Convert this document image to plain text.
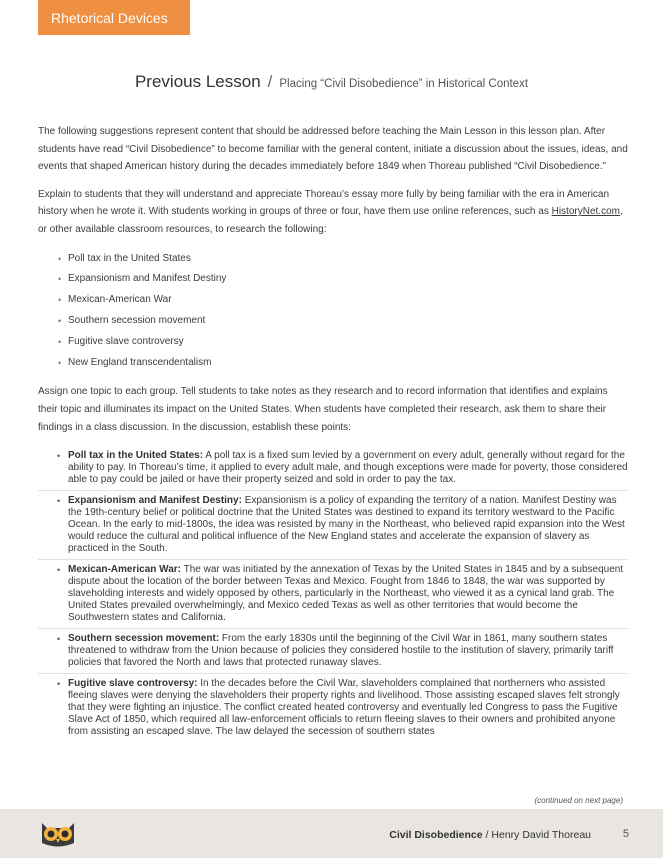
Rhetorical Devices
Previous Lesson / Placing “Civil Disobedience” in Historical Context

The following suggestions represent content that should be addressed before teaching the Main Lesson in this lesson plan. After students have read “Civil Disobedience” to become familiar with the general content, initiate a discussion about the issues, ideas, and events that shaped American history during the decades immediately before 1849 when Thoreau published “Civil Disobedience.”

Explain to students that they will understand and appreciate Thoreau’s essay more fully by being familiar with the era in American history when he wrote it. With students working in groups of three or four, have them use online references, such as HistoryNet.com, or other available classroom resources, to research the following:

• Poll tax in the United States
• Expansionism and Manifest Destiny
• Mexican-American War
• Southern secession movement
• Fugitive slave controversy
• New England transcendentalism

Assign one topic to each group. Tell students to take notes as they research and to record information that identifies and explains their topic and illuminates its impact on the United States. When students have completed their research, ask them to share their findings in a class discussion. In the discussion, establish these points:

• Poll tax in the United States: A poll tax is a fixed sum levied by a government on every adult, generally without regard for the ability to pay. In Thoreau’s time, it applied to every adult male, and though exceptions were made for poverty, those considered able to pay could be jailed or have their property seized and sold in order to pay the tax.
• Expansionism and Manifest Destiny: Expansionism is a policy of expanding the territory of a nation. Manifest Destiny was the 19th-century belief or political doctrine that the United States was destined to expand its territory westward to the Pacific Ocean. In the early to mid-1800s, the idea was resisted by many in the Northeast, who believed rapid expansion into the West would reduce the cultural and political influence of the New England states and accelerate the expansion of slavery as practiced in the South.
• Mexican-American War: The war was initiated by the annexation of Texas by the United States in 1845 and by a subsequent dispute about the location of the border between Texas and Mexico. Fought from 1846 to 1848, the war was supported by slaveholding interests and widely opposed by others, particularly in the Northeast, who viewed it as a cynical land grab. The United States prevailed overwhelmingly, and Mexico ceded Texas as well as other territories that would become the Southwestern states and California.
• Southern secession movement: From the early 1830s until the beginning of the Civil War in 1861, many southern states threatened to withdraw from the Union because of policies they considered hostile to the institution of slavery, primarily tariff policies that favored the North and laws that protected runaway slaves.
• Fugitive slave controversy: In the decades before the Civil War, slaveholders complained that northerners who assisted fleeing slaves were denying the slaveholders their property rights and livelihood. Those assisting escaped slaves felt strongly that they were fighting an injustice. The conflict created heated controversy and eventually led Congress to pass the Fugitive Slave Act of 1850, which required all law-enforcement officials to return fleeing slaves to their owners and prohibited anyone from assisting an escaped slave. The law delayed the secession of southern states
(continued on next page)
Civil Disobedience / Henry David Thoreau	5
